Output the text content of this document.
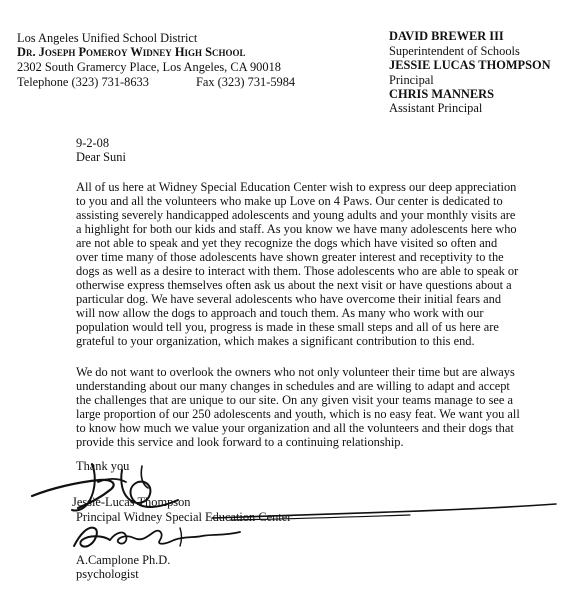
Los Angeles Unified School District
Dr. Joseph Pomeroy Widney High School
2302 South Gramercy Place, Los Angeles, CA 90018
Telephone (323) 731-8633	Fax (323) 731-5984
DAVID BREWER III
Superintendent of Schools
JESSIE LUCAS THOMPSON
Principal
CHRIS MANNERS
Assistant Principal
9-2-08
Dear Suni
All of us here at Widney Special Education Center wish to express our deep appreciation
to you and all the volunteers who make up Love on 4 Paws. Our center is dedicated to
assisting severely handicapped adolescents and young adults and your monthly visits are
a highlight for both our kids and staff. As you know we have many adolescents here who
are not able to speak and yet they recognize the dogs which have visited so often and
over time many of those adolescents have shown greater interest and receptivity to the
dogs as well as a desire to interact with them. Those adolescents who are able to speak or
otherwise express themselves often ask us about the next visit or have questions about a
particular dog. We have several adolescents who have overcome their initial fears and
will now allow the dogs to approach and touch them. As many who work with our
population would tell you, progress is made in these small steps and all of us here are
grateful to your organization, which makes a significant contribution to this end.
We do not want to overlook the owners who not only volunteer their time but are always
understanding about our many changes in schedules and are willing to adapt and accept
the challenges that are unique to our site. On any given visit your teams manage to see a
large proportion of our 250 adolescents and youth, which is no easy feat. We want you all
to know how much we value your organization and all the volunteers and their dogs that
provide this service and look forward to a continuing relationship.
Thank you
Jessie-Lucas Thompson
Principal Widney Special Education Center
A.Camplone Ph.D.
psychologist
